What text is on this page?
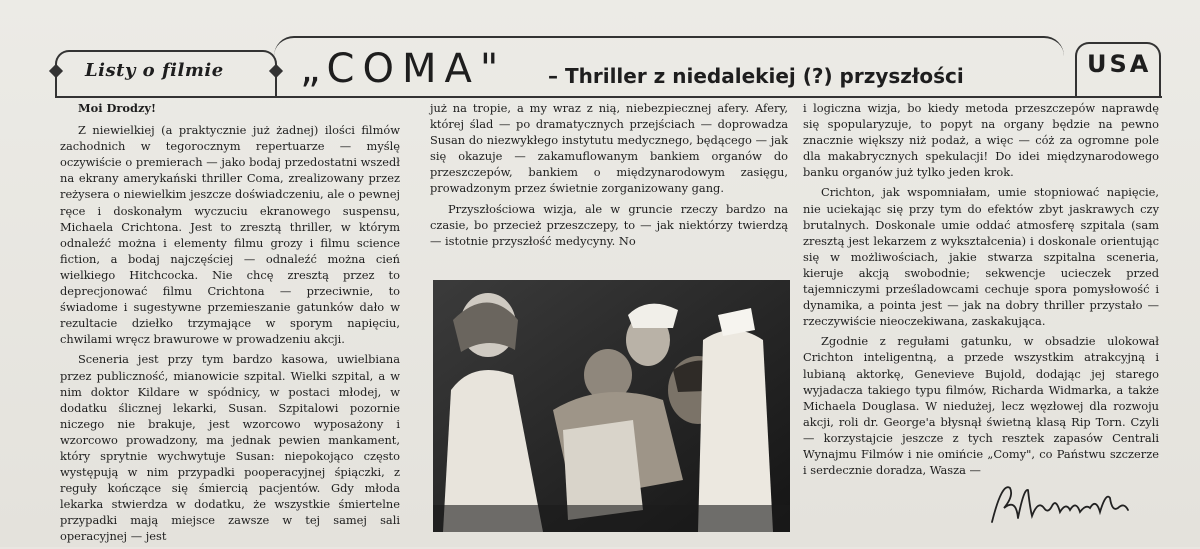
Listy o filmie „COMA" – Thriller z niedalekiej (?) przyszłości	USA

Moi Drodzy!

Z niewielkiej (a praktycznie już żadnej) ilości filmów zachodnich w tegorocznym repertuarze — myślę oczywiście o premierach — jako bodaj przedostatni wszedł na ekrany amerykański thriller Coma, zrealizowany przez reżysera o niewielkim jeszcze doświadczeniu, ale o pewnej ręce i doskonałym wyczuciu ekranowego suspensu, Michaela Crichtona. Jest to zresztą thriller, w którym odnaleźć można i elementy filmu grozy i filmu science fiction, a bodaj najczęściej — odnaleźć można cień wielkiego Hitchcocka. Nie chcę zresztą przez to deprecjonować filmu Crichtona — przeciwnie, to świadome i sugestywne przemieszanie gatunków dało w rezultacie dziełko trzymające w sporym napięciu, chwilami wręcz brawurowe w prowadzeniu akcji.

Sceneria jest przy tym bardzo kasowa, uwielbiana przez publiczność, mianowicie szpital. Wielki szpital, a w nim doktor Kildare w spódnicy, w postaci młodej, w dodatku ślicznej lekarki, Susan. Szpitalowi pozornie niczego nie brakuje, jest wzorcowo wyposażony i wzorcowo prowadzony, ma jednak pewien mankament, który sprytnie wychwytuje Susan: niepokojąco często występują w nim przypadki pooperacyjnej śpiączki, z reguły kończące się śmiercią pacjentów. Gdy młoda lekarka stwierdza w dodatku, że wszystkie śmiertelne przypadki mają miejsce zawsze w tej samej sali operacyjnej — jest

już na tropie, a my wraz z nią, niebezpiecznej afery. Afery, której ślad — po dramatycznych przejściach — doprowadza Susan do niezwykłego instytutu medycznego, będącego — jak się okazuje — zakamuflowanym bankiem organów do przeszczepów, bankiem o międzynarodowym zasięgu, prowadzonym przez świetnie zorganizowany gang.

Przyszłościowa wizja, ale w gruncie rzeczy bardzo na czasie, bo przecież przeszczepy, to — jak niektórzy twierdzą — istotnie przyszłość medycyny. No

i logiczna wizja, bo kiedy metoda przeszczepów naprawdę się spopularyzuje, to popyt na organy będzie na pewno znacznie większy niż podaż, a więc — cóż za ogromne pole dla makabrycznych spekulacji! Do idei międzynarodowego banku organów już tylko jeden krok.

Crichton, jak wspomniałam, umie stopniować napięcie, nie uciekając się przy tym do efektów zbyt jaskrawych czy brutalnych. Doskonale umie oddać atmosferę szpitala (sam zresztą jest lekarzem z wykształcenia) i doskonale orientując się w możliwościach, jakie stwarza szpitalna sceneria, kieruje akcją swobodnie; sekwencje ucieczek przed tajemniczymi prześladowcami cechuje spora pomysłowość i dynamika, a pointa jest — jak na dobry thriller przystało — rzeczywiście nieoczekiwana, zaskakująca.

Zgodnie z regułami gatunku, w obsadzie ulokował Crichton inteligentną, a przede wszystkim atrakcyjną i lubianą aktorkę, Genevieve Bujold, dodając jej starego wyjadacza takiego typu filmów, Richarda Widmarka, a także Michaela Douglasa. W niedużej, lecz węzłowej dla rozwoju akcji, roli dr. George'a błysnął świetną klasą Rip Torn. Czyli — korzystajcie jeszcze z tych resztek zapasów Centrali Wynajmu Filmów i nie omińcie „Comy", co Państwu szczerze i serdecznie doradza, Wasza —
